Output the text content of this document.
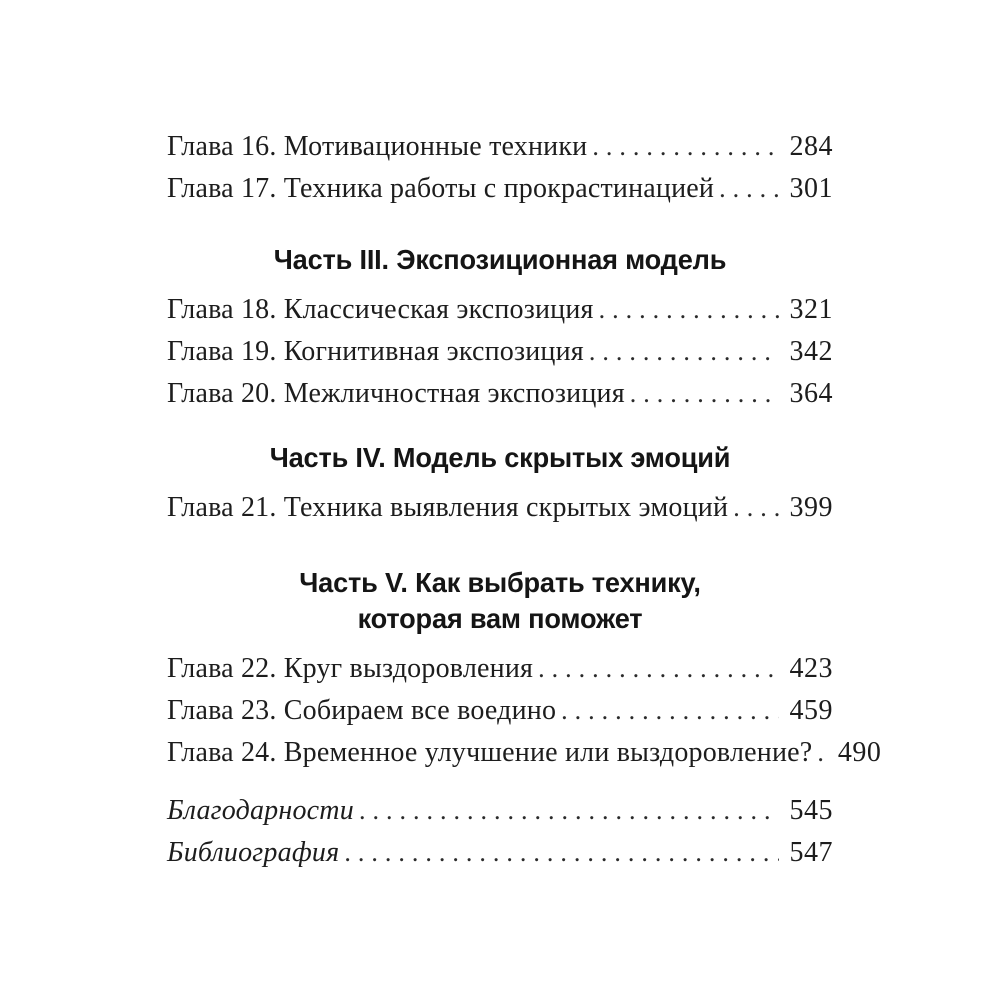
Глава 16. Мотивационные техники .....	284
Глава 17. Техника работы с прокрастинацией .....	301
Часть III. Экспозиционная модель
Глава 18. Классическая экспозиция .....	321
Глава 19. Когнитивная экспозиция .....	342
Глава 20. Межличностная экспозиция .....	364
Часть IV. Модель скрытых эмоций
Глава 21. Техника выявления скрытых эмоций ..... 399
Часть V. Как выбрать технику,
которая вам поможет
Глава 22. Круг выздоровления .....	423
Глава 23. Собираем все воедино .....	459
Глава 24. Временное улучшение или выздоровление? ..... 490
Благодарности .....	545
Библиография .....	547
